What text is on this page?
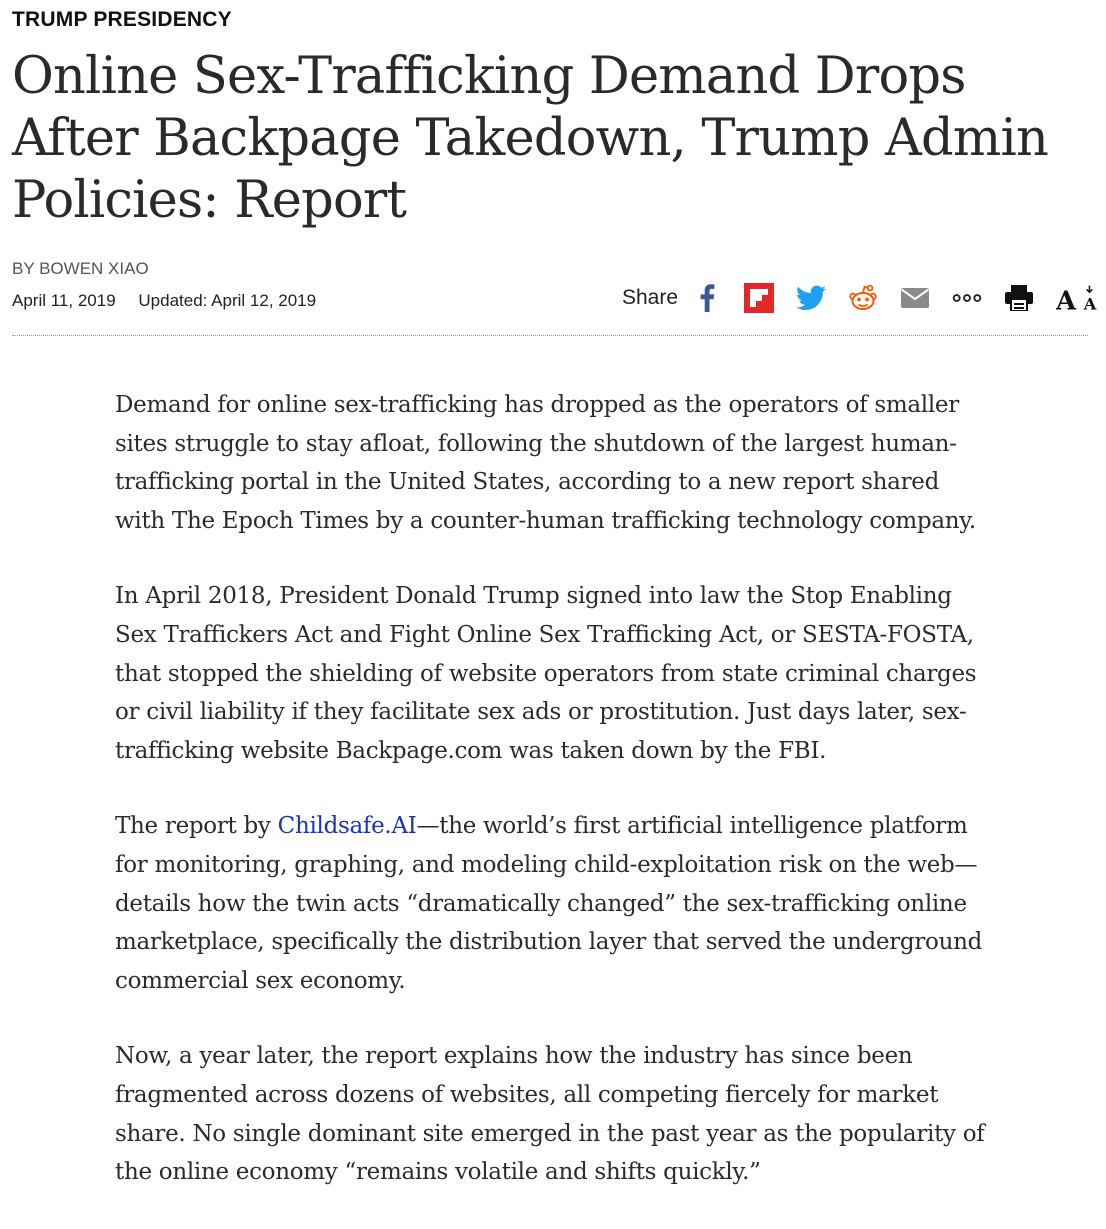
TRUMP PRESIDENCY
Online Sex-Trafficking Demand Drops After Backpage Takedown, Trump Admin Policies: Report
BY BOWEN XIAO
April 11, 2019 Updated: April 12, 2019	Share	A A

Demand for online sex-trafficking has dropped as the operators of smaller sites struggle to stay afloat, following the shutdown of the largest human-trafficking portal in the United States, according to a new report shared with The Epoch Times by a counter-human trafficking technology company.

In April 2018, President Donald Trump signed into law the Stop Enabling Sex Traffickers Act and Fight Online Sex Trafficking Act, or SESTA-FOSTA, that stopped the shielding of website operators from state criminal charges or civil liability if they facilitate sex ads or prostitution. Just days later, sex-trafficking website Backpage.com was taken down by the FBI.

The report by Childsafe.AI—the world’s first artificial intelligence platform for monitoring, graphing, and modeling child-exploitation risk on the web—details how the twin acts “dramatically changed” the sex-trafficking online marketplace, specifically the distribution layer that served the underground commercial sex economy.

Now, a year later, the report explains how the industry has since been fragmented across dozens of websites, all competing fiercely for market share. No single dominant site emerged in the past year as the popularity of the online economy “remains volatile and shifts quickly.”
